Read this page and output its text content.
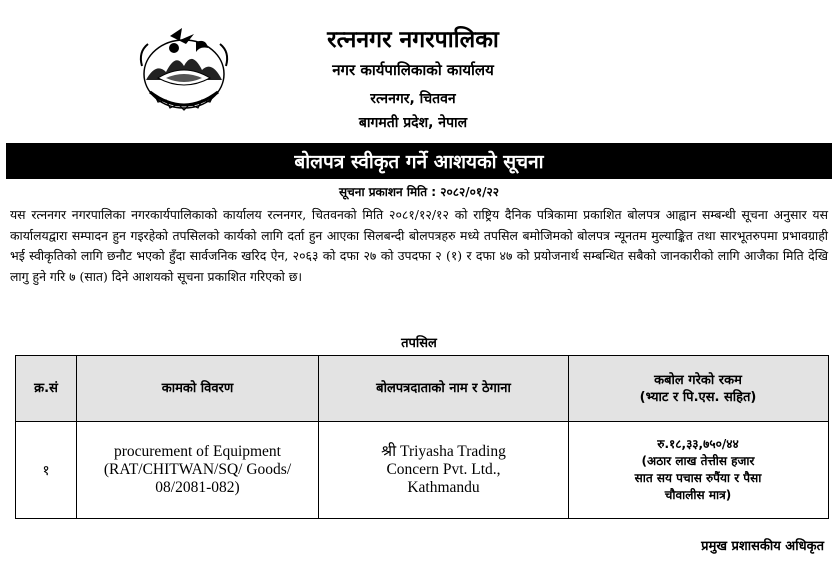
रत्ननगर नगरपालिका
नगर कार्यपालिकाको कार्यालय
रत्ननगर, चितवन
बागमती प्रदेश, नेपाल
बोलपत्र स्वीकृत गर्ने आशयको सूचना
सूचना प्रकाशन मिति : २०८२/०१/२२
यस रत्ननगर नगरपालिका नगरकार्यपालिकाको कार्यालय रत्ननगर, चितवनको मिति २०८१/१२/१२ को राष्ट्रिय दैनिक पत्रिकामा प्रकाशित बोलपत्र आह्वान सम्बन्धी सूचना अनुसार यस कार्यालयद्वारा सम्पादन हुन गइरहेको तपसिलको कार्यको लागि दर्ता हुन आएका सिलबन्दी बोलपत्रहरु मध्ये तपसिल बमोजिमको बोलपत्र न्यूनतम मुल्याङ्कित तथा सारभूतरुपमा प्रभावग्राही भई स्वीकृतिको लागि छनौट भएको हुँदा सार्वजनिक खरिद ऐन, २०६३ को दफा २७ को उपदफा २ (१) र दफा ४७ को प्रयोजनार्थ सम्बन्धित सबैको जानकारीको लागि आजैका मिति देखि लागु हुने गरि ७ (सात) दिने आशयको सूचना प्रकाशित गरिएको छ।
तपसिल
क्र.सं	कामको विवरण	बोलपत्रदाताको नाम र ठेगाना
कबोल गरेको रकम
(भ्याट र पि.एस. सहित)
१
procurement of Equipment
(RAT/CHITWAN/SQ/ Goods/
08/2081-082)
श्री Triyasha Trading
Concern Pvt. Ltd.,
Kathmandu
रु.१८,३३,७५०/४४
(अठार लाख तेत्तीस हजार
सात सय पचास रुपैंया र पैसा
चौवालीस मात्र)
प्रमुख प्रशासकीय अधिकृत
